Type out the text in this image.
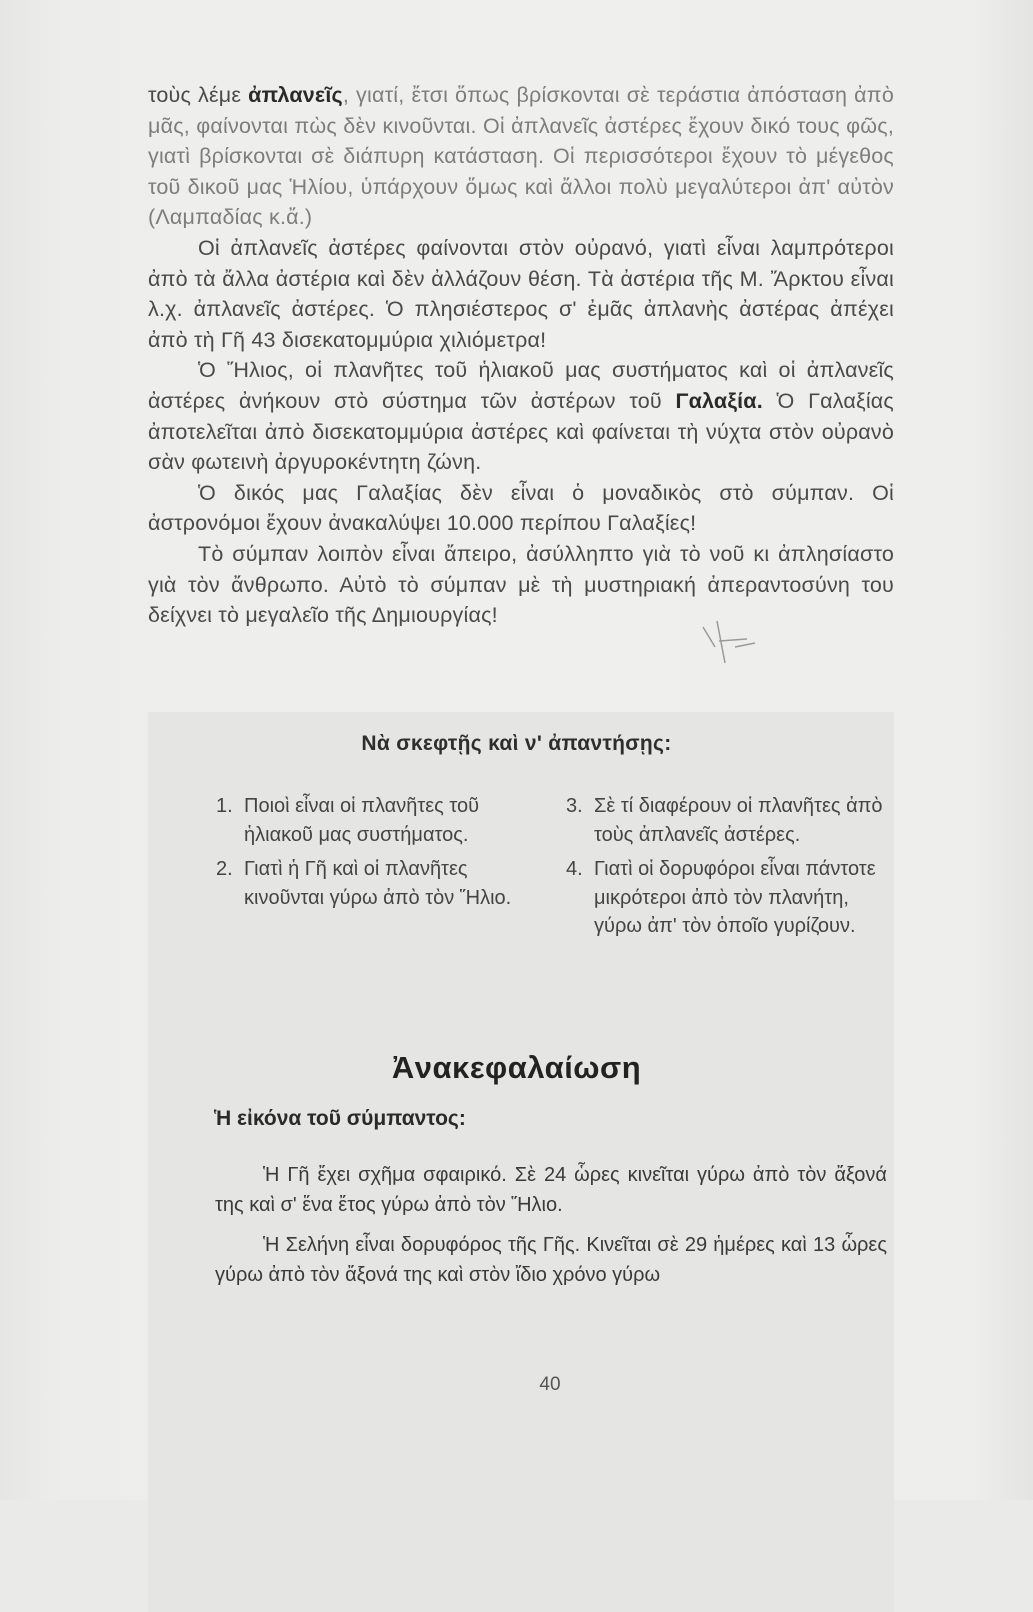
τοὺς λέμε ἀπλανεῖς, γιατί, ἔτσι ὅπως βρίσκονται σὲ τεράστια ἀπόσταση ἀπὸ μᾶς, φαίνονται πὼς δὲν κινοῦνται. Οἱ ἀπλανεῖς ἀστέρες ἔχουν δικό τους φῶς, γιατὶ βρίσκονται σὲ διάπυρη κατάσταση. Οἱ περισσότεροι ἔχουν τὸ μέγεθος τοῦ δικοῦ μας Ἡλίου, ὑπάρχουν ὅμως καὶ ἄλλοι πολὺ μεγαλύτεροι ἀπ' αὐτὸν (Λαμπαδίας κ.ἄ.)

Οἱ ἀπλανεῖς ἀστέρες φαίνονται στὸν οὐρανό, γιατὶ εἶναι λαμπρότεροι ἀπὸ τὰ ἄλλα ἀστέρια καὶ δὲν ἀλλάζουν θέση. Τὰ ἀστέρια τῆς Μ. Ἄρκτου εἶναι λ.χ. ἀπλανεῖς ἀστέρες. Ὁ πλησιέστερος σ' ἐμᾶς ἀπλανὴς ἀστέρας ἀπέχει ἀπὸ τὴ Γῆ 43 δισεκατομμύρια χιλιόμετρα!

Ὁ Ἥλιος, οἱ πλανῆτες τοῦ ἡλιακοῦ μας συστήματος καὶ οἱ ἀπλανεῖς ἀστέρες ἀνήκουν στὸ σύστημα τῶν ἀστέρων τοῦ Γαλαξία. Ὁ Γαλαξίας ἀποτελεῖται ἀπὸ δισεκατομμύρια ἀστέρες καὶ φαίνεται τὴ νύχτα στὸν οὐρανὸ σὰν φωτεινὴ ἀργυροκέντητη ζώνη.

Ὁ δικός μας Γαλαξίας δὲν εἶναι ὁ μοναδικὸς στὸ σύμπαν. Οἱ ἀστρονόμοι ἔχουν ἀνακαλύψει 10.000 περίπου Γαλαξίες!

Τὸ σύμπαν λοιπὸν εἶναι ἄπειρο, ἀσύλληπτο γιὰ τὸ νοῦ κι ἀπλησίαστο γιὰ τὸν ἄνθρωπο. Αὐτὸ τὸ σύμπαν μὲ τὴ μυστηριακή ἀπεραντοσύνη του δείχνει τὸ μεγαλεῖο τῆς Δημιουργίας!

Νὰ σκεφτῇς καὶ ν' ἀπαντήσῃς:
1. Ποιοὶ εἶναι οἱ πλανῆτες τοῦ ἡλιακοῦ μας συστήματος.
2. Γιατὶ ἡ Γῆ καὶ οἱ πλανῆτες κινοῦνται γύρω ἀπὸ τὸν Ἥλιο.
3. Σὲ τί διαφέρουν οἱ πλανῆτες ἀπὸ τοὺς ἀπλανεῖς ἀστέρες.
4. Γιατὶ οἱ δορυφόροι εἶναι πάντοτε μικρότεροι ἀπὸ τὸν πλανήτη, γύρω ἀπ' τὸν ὁποῖο γυρίζουν.
Ἀνακεφαλαίωση
Ἡ εἰκόνα τοῦ σύμπαντος:

Ἡ Γῆ ἔχει σχῆμα σφαιρικό. Σὲ 24 ὧρες κινεῖται γύρω ἀπὸ τὸν ἄξονά της καὶ σ' ἕνα ἔτος γύρω ἀπὸ τὸν Ἥλιο.

Ἡ Σελήνη εἶναι δορυφόρος τῆς Γῆς. Κινεῖται σὲ 29 ἡμέρες καὶ 13 ὧρες γύρω ἀπὸ τὸν ἄξονά της καὶ στὸν ἴδιο χρόνο γύρω

40
